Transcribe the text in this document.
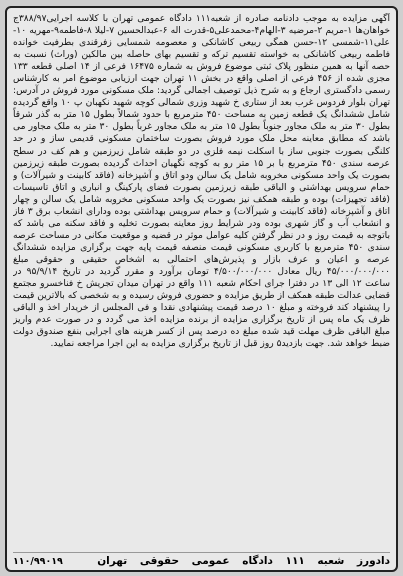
آگهی مزایده به موجب دادنامه صادره از شعبه۱۱۱ دادگاه عمومی تهران با کلاسه اجرایی۳۸۸/۹۷ج خواهان‌ها ۱-مریم ۲-مرضیه ۳-الهام۴-محمدعلی۵-قدرت اله ۶-عبدالحسین ۷-لیلا ۸-فاطمه۹-مهریه ۱۰-علی۱۱-شمسی ۱۲-حسن همگی ربیعی کاشانکی و معصومه شمسایی زفرقندی بطرفیت خوانده فاطمه ربیعی کاشانکی به خواسته تقسیم ترکه و تقسیم بهای حاصله بین مالکین (وراث) نسبت به حصه آنها به همین منظور پلاک ثبتی موضوع فروش به شماره ۱۶۴۷۵ فرعی از ۱۴ اصلی قطعه ۱۳۳ مجزی شده از ۴۵۶ فرعی از اصلی واقع در بخش ۱۱ تهران جهت ارزیابی موضوع امر به کارشناس رسمی دادگستری ارجاع و به شرح ذیل توصیف اجمالی گردید: ملک مسکونی مورد فروش در آدرس: تهران بلوار فردوس غرب بعد از ستاری خ شهید وزری شمالی کوچه شهید نکهبان پ ۱۰ واقع گردیده شامل ششدانگ یک قطعه زمین به مساحت ۴۵۰ مترمربع با حدود شمالاً بطول ۱۵ متر به گذر شرقاً بطول ۳۰ متر به ملک مجاور جنوباً بطول ۱۵ متر به ملک مجاور غرباً بطول ۳۰ متر به ملک مجاور می باشد که مطابق معاینه محل ملک مورد فروش بصورت ساختمان مسکونی قدیمی ساز و در حد کلنگی بصورت جنوبی ساز با اسکلت نیمه فلزی در دو طبقه شامل زیرزمین و هم کف در سطح عرصه سندی ۴۵۰ مترمربع با بر ۱۵ متر رو به کوچه نگهبان احداث گردیده بصورت طبقه زیرزمین بصورت یک واحد مسکونی مخروبه شامل یک سالن ودو اتاق و آشپزخانه (فاقد کابینت و شیرآلات) و حمام سرویس بهداشتی و الباقی طبقه زیرزمین بصورت فضای پارکینگ و انباری و اتاق تاسیسات (فاقد تجهیزات) بوده و طبقه همکف نیز بصورت یک واحد مسکونی مخروبه شامل یک سالن و چهار اتاق و آشپزخانه (فاقد کابینت و شیرآلات) و حمام سرویس بهداشتی بوده ودارای انشعاب برق ۳ فاز و انشعاب آب و گاز شهری بوده ودر شرایط روز معاینه بصورت تخلیه و فاقد سکنه می باشد که باتوجه به قیمت روز و در نظر گرفتن کلیه عوامل موثر در قضیه و موقعیت مکانی در مساحت عرصه سندی ۴۵۰ مترمربع با کاربری مسکونی قیمت منصفه قیمت پایه جهت برگزاری مزایده ششدانگ عرصه و اعیان و عرف بازار و پذیرش‌های احتمالی به اشخاص حقیقی و حقوقی مبلغ ۴۵/۰۰۰/۰۰۰/۰۰۰ ریال معادل ۴/۵۰۰/۰۰۰/۰۰۰ تومان برآورد و مقرر گردید در تاریخ ۹۵/۹/۱۴ در ساعت ۱۲ الی ۱۳ در دفترا جرای احکام شعبه ۱۱۱ واقع در تهران میدان تجریش خ فناخسرو مجتمع قضایی عدالت طبقه همکف از طریق مزایده و حضوری فروش رسیده و به شخصی که بالاترین قیمت را پیشنهاد کند فروخته و مبلغ ۱۰ درصد قیمت پیشنهادی نقدا و فی المجلس از خریدار اخذ و الباقی ظرف یک ماه پس از تاریخ برگزاری مزایده از برنده مزایده اخذ می گردد و در صورت عدم واریز مبلغ الباقی ظرف مهلت قید شده مبلغ ده درصد پس از کسر هزینه های اجرایی بنفع صندوق دولت ضبط خواهد شد. جهت بازدید۵ روز قبل از تاریخ برگزاری مزایده به این اجرا مراجعه نمایید.

دادورز شعبه ۱۱۱ دادگاه عمومی حقوقی تهران
۱۱۰/۹۹۰۱۹
